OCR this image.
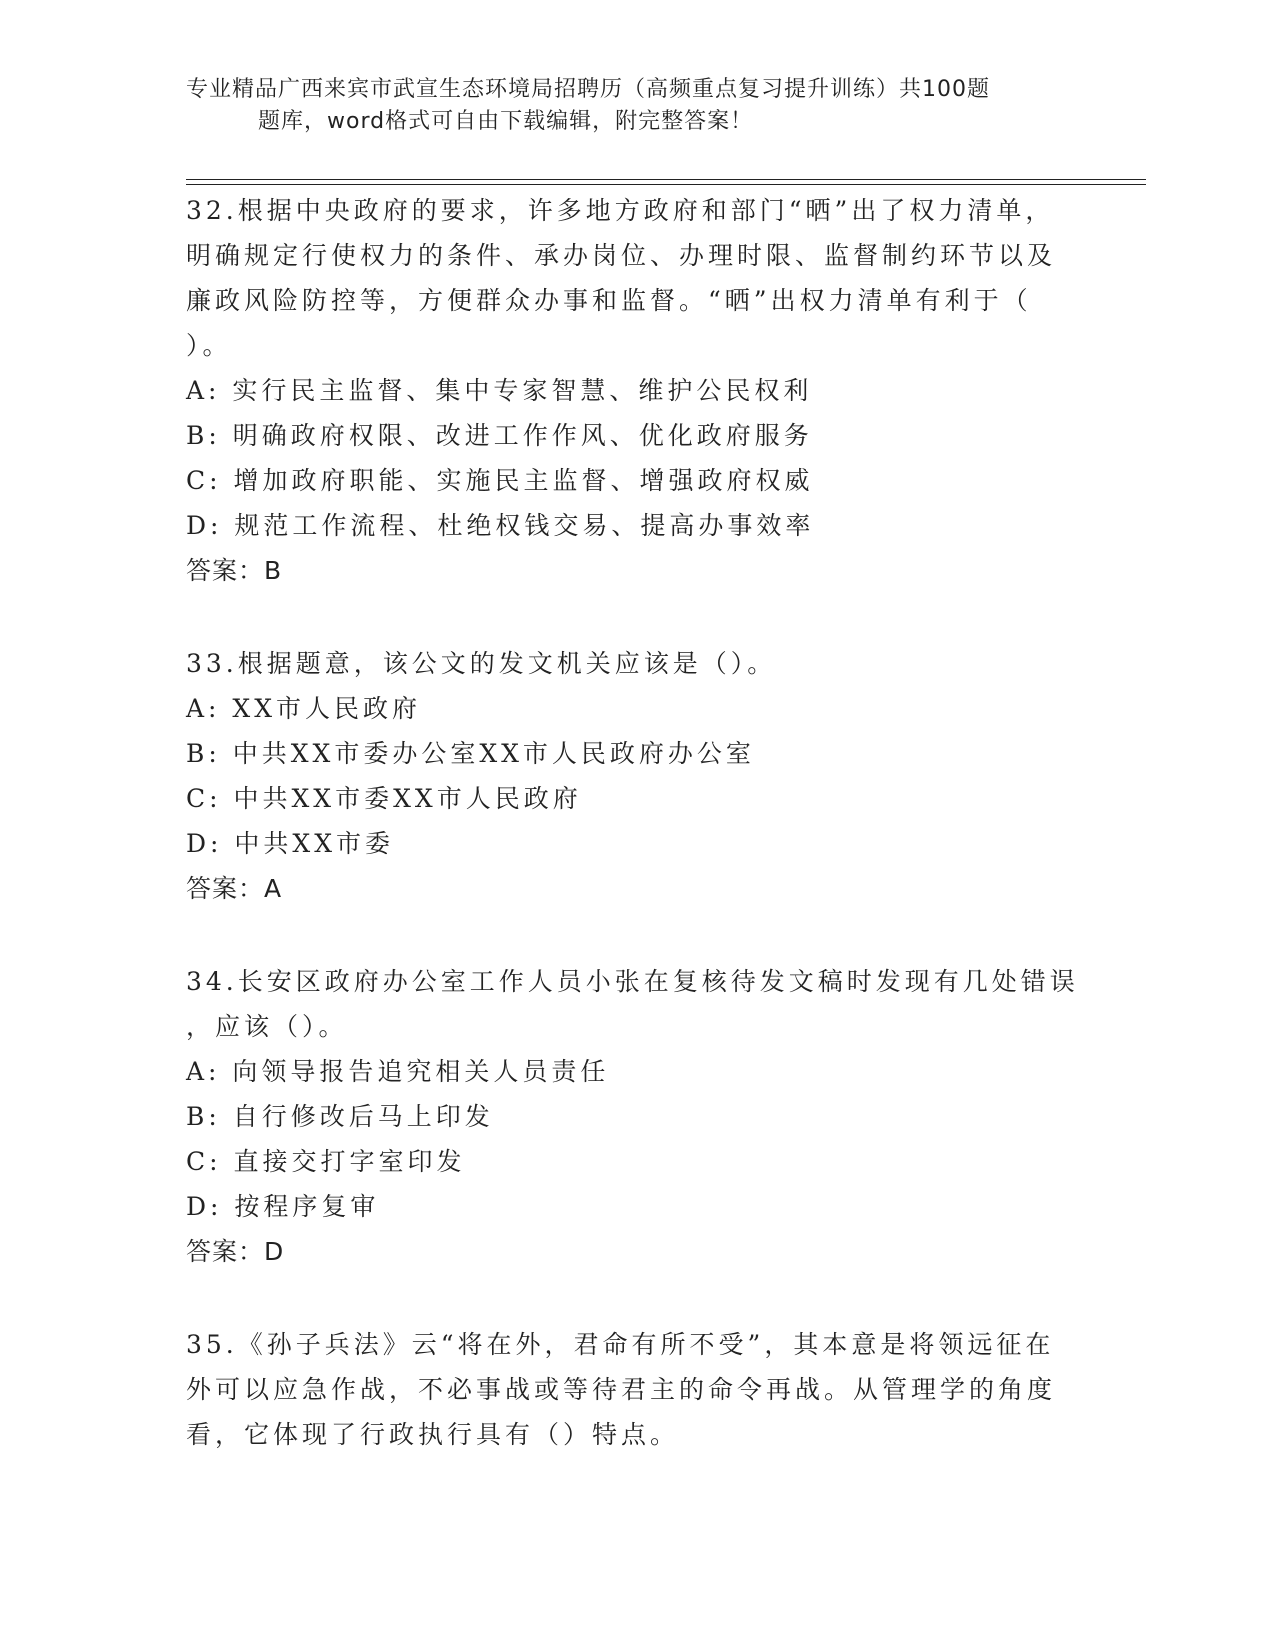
专业精品广西来宾市武宣生态环境局招聘历（高频重点复习提升训练）共100题
题库，word格式可自由下载编辑，附完整答案！
32.根据中央政府的要求，许多地方政府和部门“晒”出了权力清单，
明确规定行使权力的条件、承办岗位、办理时限、监督制约环节以及
廉政风险防控等，方便群众办事和监督。“晒”出权力清单有利于（
）。
A: 实行民主监督、集中专家智慧、维护公民权利
B: 明确政府权限、改进工作作风、优化政府服务
C: 增加政府职能、实施民主监督、增强政府权威
D: 规范工作流程、杜绝权钱交易、提高办事效率
答案：B
33.根据题意，该公文的发文机关应该是（）。
A: XX市人民政府
B: 中共XX市委办公室XX市人民政府办公室
C: 中共XX市委XX市人民政府
D: 中共XX市委
答案：A
34.长安区政府办公室工作人员小张在复核待发文稿时发现有几处错误
，应该（）。
A: 向领导报告追究相关人员责任
B: 自行修改后马上印发
C: 直接交打字室印发
D: 按程序复审
答案：D
35.《孙子兵法》云“将在外，君命有所不受”，其本意是将领远征在
外可以应急作战，不必事战或等待君主的命令再战。从管理学的角度
看，它体现了行政执行具有（）特点。
